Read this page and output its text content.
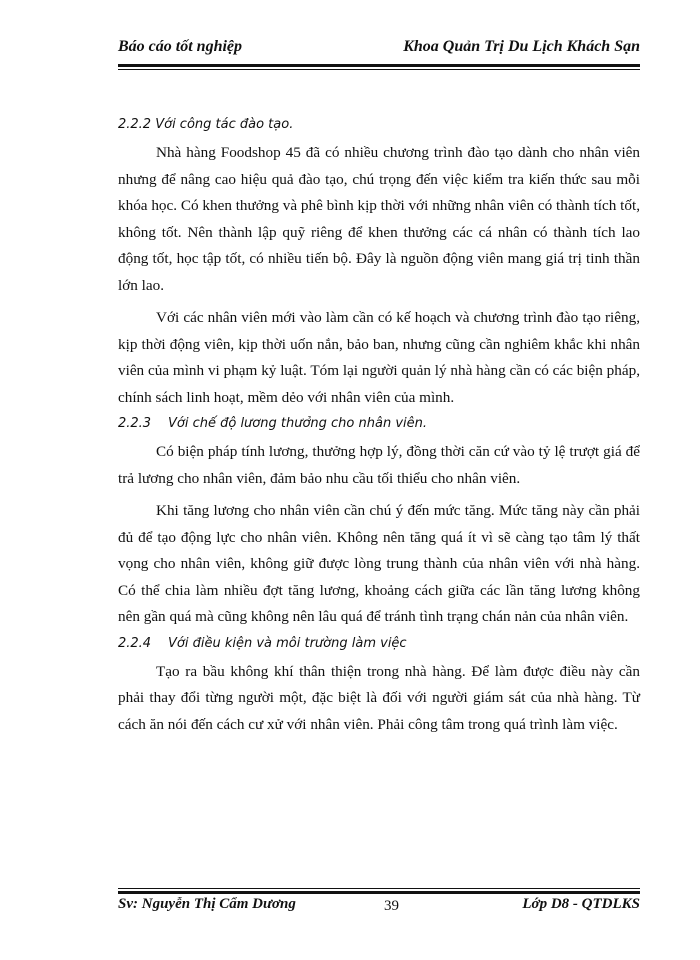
Báo cáo tốt nghiệp	Khoa Quản Trị Du Lịch Khách Sạn

2.2.2 Với công tác đào tạo.

Nhà hàng Foodshop 45 đã có nhiều chương trình đào tạo dành cho nhân viên nhưng để nâng cao hiệu quả đào tạo, chú trọng đến việc kiểm tra kiến thức sau mỗi khóa học. Có khen thưởng và phê bình kịp thời với những nhân viên có thành tích tốt, không tốt. Nên thành lập quỹ riêng để khen thưởng các cá nhân có thành tích lao động tốt, học tập tốt, có nhiều tiến bộ. Đây là nguồn động viên mang giá trị tinh thần lớn lao.

Với các nhân viên mới vào làm cần có kế hoạch và chương trình đào tạo riêng, kịp thời động viên, kịp thời uốn nắn, bảo ban, nhưng cũng cần nghiêm khắc khi nhân viên của mình vi phạm kỷ luật. Tóm lại người quản lý nhà hàng cần có các biện pháp, chính sách linh hoạt, mềm dẻo với nhân viên của mình.

2.2.3 Với chế độ lương thưởng cho nhân viên.

Có biện pháp tính lương, thưởng hợp lý, đồng thời căn cứ vào tỷ lệ trượt giá để trả lương cho nhân viên, đảm bảo nhu cầu tối thiểu cho nhân viên.

Khi tăng lương cho nhân viên cần chú ý đến mức tăng. Mức tăng này cần phải đủ để tạo động lực cho nhân viên. Không nên tăng quá ít vì sẽ càng tạo tâm lý thất vọng cho nhân viên, không giữ được lòng trung thành của nhân viên với nhà hàng. Có thể chia làm nhiều đợt tăng lương, khoảng cách giữa các lần tăng lương không nên gần quá mà cũng không nên lâu quá để tránh tình trạng chán nản của nhân viên.

2.2.4 Với điều kiện và môi trường làm việc

Tạo ra bầu không khí thân thiện trong nhà hàng. Để làm được điều này cần phải thay đổi từng người một, đặc biệt là đối với người giám sát của nhà hàng. Từ cách ăn nói đến cách cư xử với nhân viên. Phải công tâm trong quá trình làm việc.

Sv: Nguyễn Thị Cẩm Dương	39	Lớp D8 - QTDLKS
